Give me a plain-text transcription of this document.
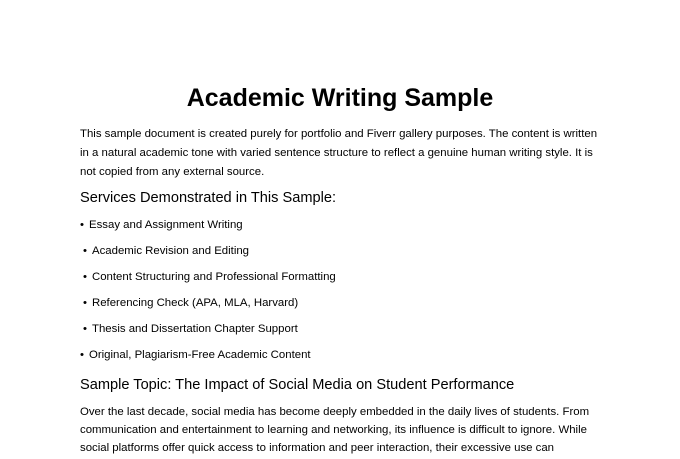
Academic Writing Sample

This sample document is created purely for portfolio and Fiverr gallery purposes. The content is written in a natural academic tone with varied sentence structure to reflect a genuine human writing style. It is not copied from any external source.

Services Demonstrated in This Sample:
• Essay and Assignment Writing
• Academic Revision and Editing
• Content Structuring and Professional Formatting
• Referencing Check (APA, MLA, Harvard)
• Thesis and Dissertation Chapter Support
• Original, Plagiarism-Free Academic Content
Sample Topic: The Impact of Social Media on Student Performance

Over the last decade, social media has become deeply embedded in the daily lives of students. From communication and entertainment to learning and networking, its influence is difficult to ignore. While social platforms offer quick access to information and peer interaction, their excessive use can
